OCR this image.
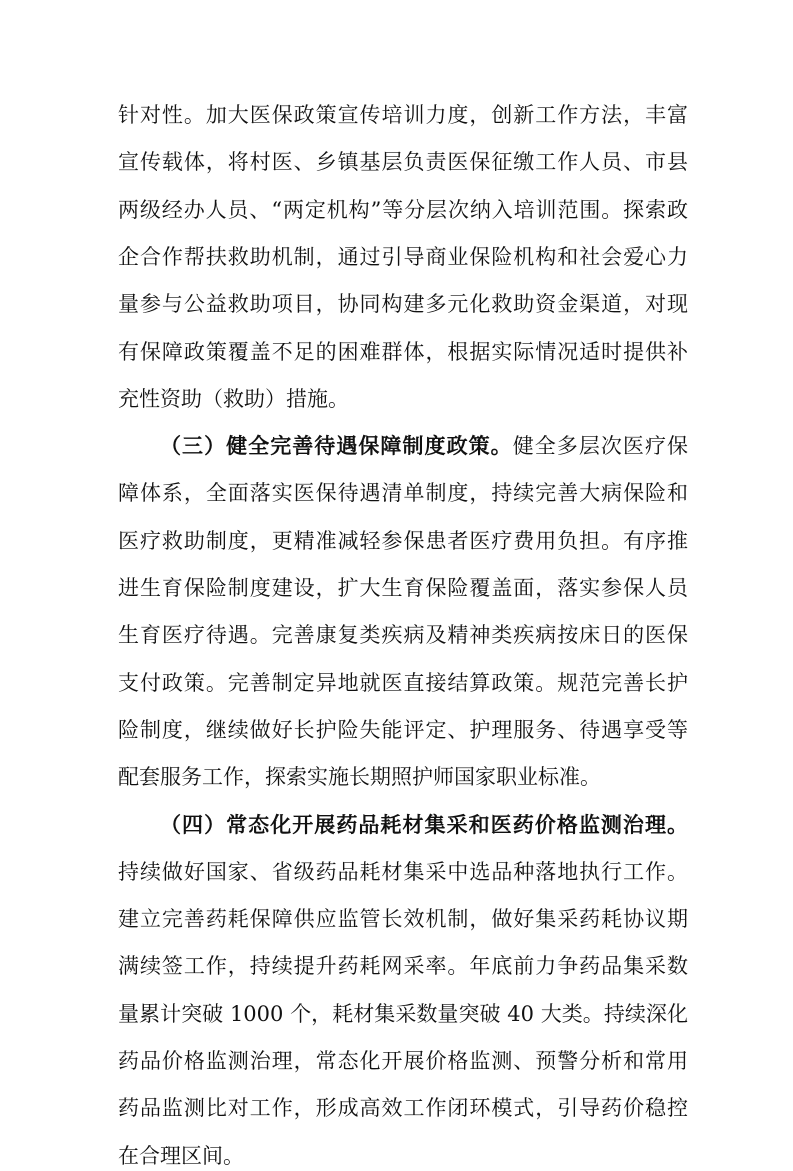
针对性。加大医保政策宣传培训力度，创新工作方法，丰富
宣传载体，将村医、乡镇基层负责医保征缴工作人员、市县
两级经办人员、“两定机构”等分层次纳入培训范围。探索政
企合作帮扶救助机制，通过引导商业保险机构和社会爱心力
量参与公益救助项目，协同构建多元化救助资金渠道，对现
有保障政策覆盖不足的困难群体，根据实际情况适时提供补
充性资助（救助）措施。
（三）健全完善待遇保障制度政策。健全多层次医疗保
障体系，全面落实医保待遇清单制度，持续完善大病保险和
医疗救助制度，更精准减轻参保患者医疗费用负担。有序推
进生育保险制度建设，扩大生育保险覆盖面，落实参保人员
生育医疗待遇。完善康复类疾病及精神类疾病按床日的医保
支付政策。完善制定异地就医直接结算政策。规范完善长护
险制度，继续做好长护险失能评定、护理服务、待遇享受等
配套服务工作，探索实施长期照护师国家职业标准。
（四）常态化开展药品耗材集采和医药价格监测治理。
持续做好国家、省级药品耗材集采中选品种落地执行工作。
建立完善药耗保障供应监管长效机制，做好集采药耗协议期
满续签工作，持续提升药耗网采率。年底前力争药品集采数
量累计突破 1000 个，耗材集采数量突破 40 大类。持续深化
药品价格监测治理，常态化开展价格监测、预警分析和常用
药品监测比对工作，形成高效工作闭环模式，引导药价稳控
在合理区间。
